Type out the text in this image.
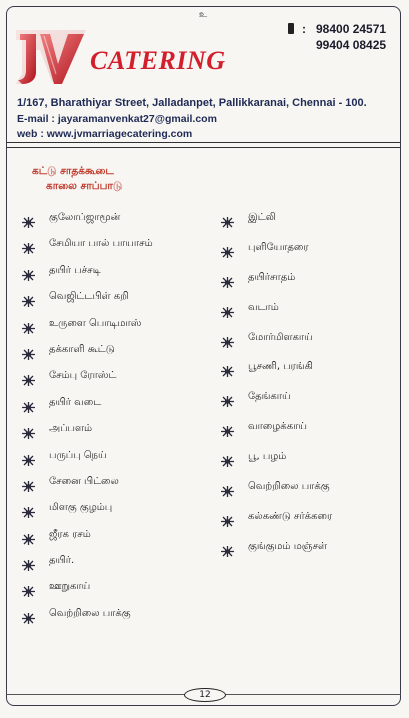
உ
: 98400 24571
99404 08425
CATERING
1/167, Bharathiyar Street, Jalladanpet, Pallikkaranai, Chennai - 100.
E-mail : jayaramanvenkat27@gmail.com
web : www.jvmarriagecatering.com
கட்டு சாதக்கூடை
காலை சாப்பாடு
குலோப்ஜாமூன்
சேமியா பால் பாயாசம்
தயிர் பச்சடி
வெஜிட்டபிள் கறி
உருளை பொடிமாஸ்
தக்காளி கூட்டு
சேம்பு ரோஸ்ட்
தயிர் வடை
அப்பளம்
பருப்பு நெய்
சேனை பிட்லை
மிளகு குழம்பு
ஜீரக ரசம்
தயிர்.
ஊறுகாய்
வெற்றிலை பாக்கு
இட்லி
புளியோதரை
தயிர்சாதம்
வடாம்
மோர்மிளகாய்
பூசணி, பரங்கி
தேங்காய்
வாழைக்காய்
பூ, பழம்
வெற்றிலை பாக்கு
கல்கண்டு சர்க்கரை
குங்குமம் மஞ்சள்
12
